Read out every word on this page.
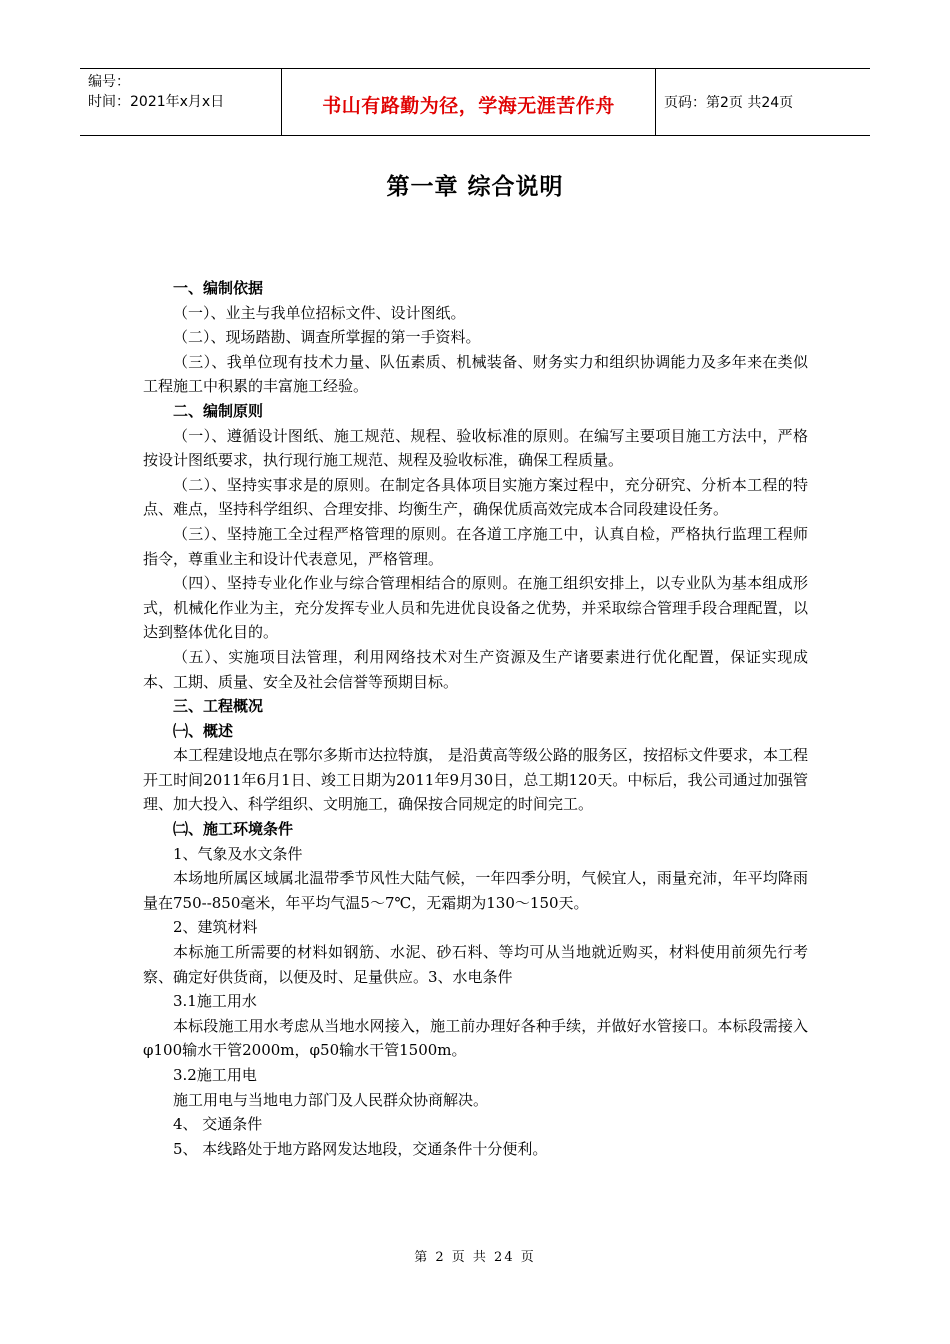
编号：
时间：2021年x月x日	书山有路勤为径，学海无涯苦作舟	页码：第2页 共24页
第一章 综合说明

一、编制依据

（一）、业主与我单位招标文件、设计图纸。

（二）、现场踏勘、调查所掌握的第一手资料。

（三）、我单位现有技术力量、队伍素质、机械装备、财务实力和组织协调能力及多年来在类似工程施工中积累的丰富施工经验。

二、编制原则

（一）、遵循设计图纸、施工规范、规程、验收标准的原则。在编写主要项目施工方法中，严格按设计图纸要求，执行现行施工规范、规程及验收标准，确保工程质量。

（二）、坚持实事求是的原则。在制定各具体项目实施方案过程中，充分研究、分析本工程的特点、难点，坚持科学组织、合理安排、均衡生产，确保优质高效完成本合同段建设任务。

（三）、坚持施工全过程严格管理的原则。在各道工序施工中，认真自检，严格执行监理工程师指令，尊重业主和设计代表意见，严格管理。

（四）、坚持专业化作业与综合管理相结合的原则。在施工组织安排上，以专业队为基本组成形式，机械化作业为主，充分发挥专业人员和先进优良设备之优势，并采取综合管理手段合理配置，以达到整体优化目的。

（五）、实施项目法管理，利用网络技术对生产资源及生产诸要素进行优化配置，保证实现成本、工期、质量、安全及社会信誉等预期目标。

三、工程概况

㈠、概述

本工程建设地点在鄂尔多斯市达拉特旗， 是沿黄高等级公路的服务区，按招标文件要求，本工程开工时间2011年6月1日、竣工日期为2011年9月30日，总工期120天。中标后，我公司通过加强管理、加大投入、科学组织、文明施工，确保按合同规定的时间完工。

㈡、施工环境条件

1、气象及水文条件

本场地所属区域属北温带季节风性大陆气候，一年四季分明，气候宜人，雨量充沛，年平均降雨量在750--850毫米，年平均气温5～7℃，无霜期为130～150天。

2、建筑材料

本标施工所需要的材料如钢筋、水泥、砂石料、等均可从当地就近购买，材料使用前须先行考察、确定好供货商，以便及时、足量供应。3、水电条件

3.1施工用水

本标段施工用水考虑从当地水网接入，施工前办理好各种手续，并做好水管接口。本标段需接入φ100输水干管2000m，φ50输水干管1500m。

3.2施工用电

施工用电与当地电力部门及人民群众协商解决。

4、 交通条件

5、 本线路处于地方路网发达地段，交通条件十分便利。

第 2 页 共 24 页
